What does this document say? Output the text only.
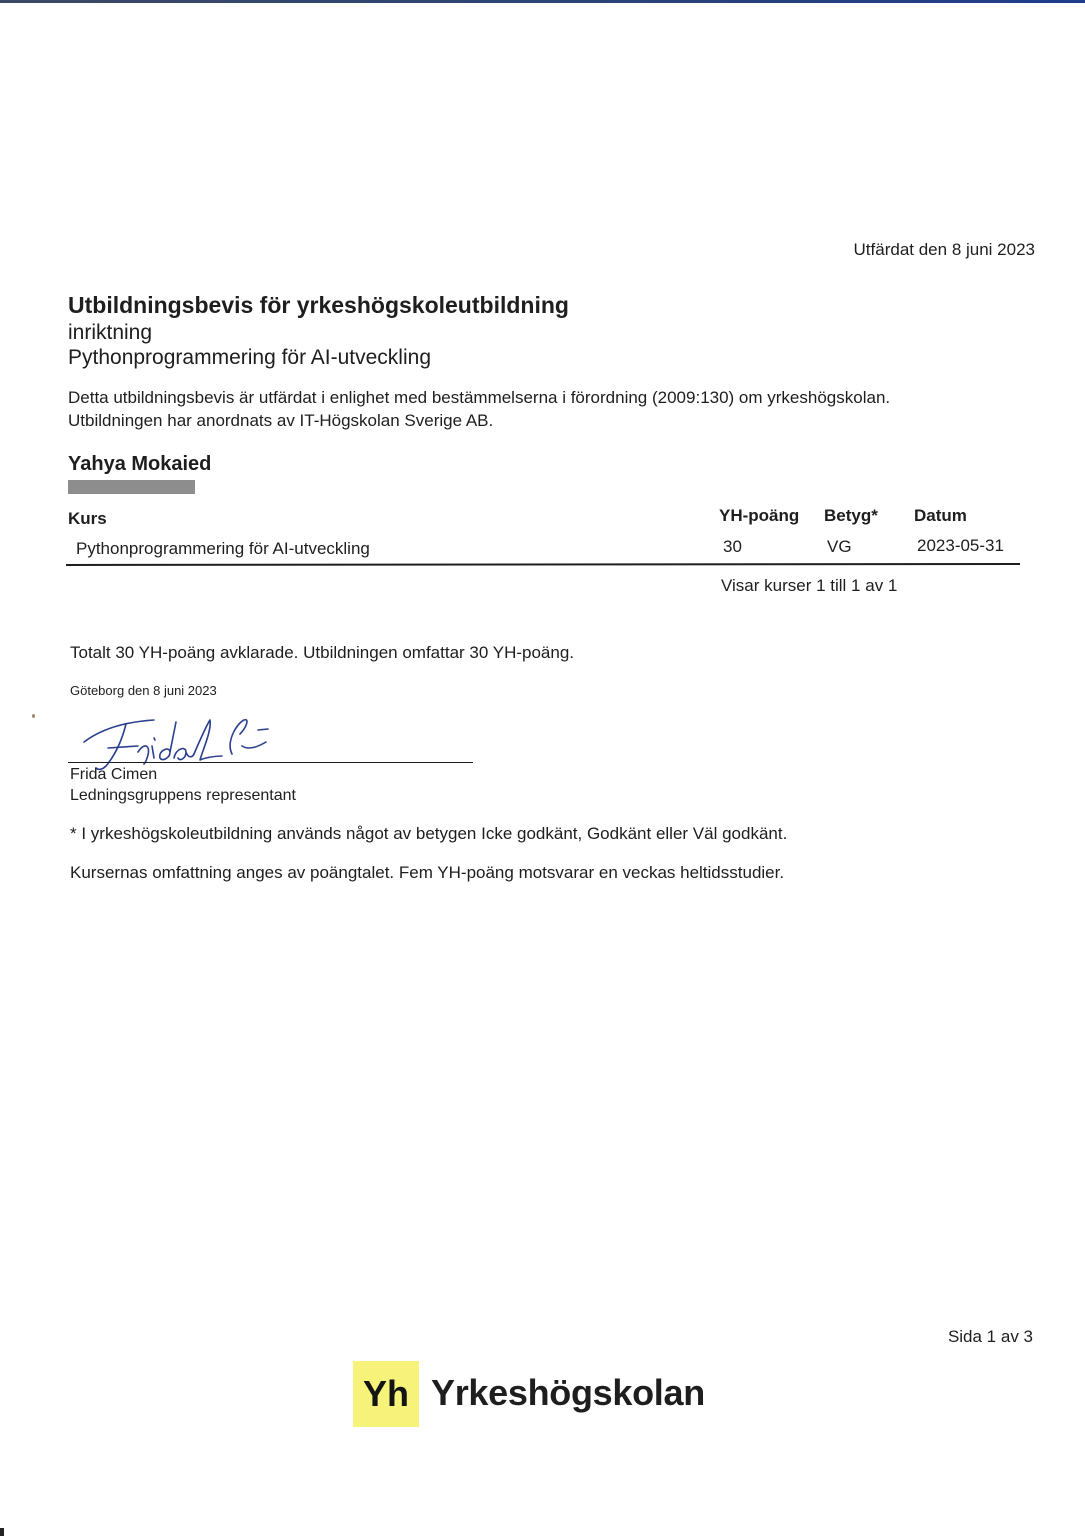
Utfärdat den 8 juni 2023
Utbildningsbevis för yrkeshögskoleutbildning
inriktning
Pythonprogrammering för AI-utveckling
Detta utbildningsbevis är utfärdat i enlighet med bestämmelserna i förordning (2009:130) om yrkeshögskolan.
Utbildningen har anordnats av IT-Högskolan Sverige AB.
Yahya Mokaied
Kurs	YH-poäng Betyg* Datum
Pythonprogrammering för AI-utveckling	30	VG	2023-05-31
Visar kurser 1 till 1 av 1
Totalt 30 YH-poäng avklarade. Utbildningen omfattar 30 YH-poäng.
Göteborg den 8 juni 2023
Frida Cimen
Ledningsgruppens representant
* I yrkeshögskoleutbildning används något av betygen Icke godkänt, Godkänt eller Väl godkänt.
Kursernas omfattning anges av poängtalet. Fem YH-poäng motsvarar en veckas heltidsstudier.
Sida 1 av 3
Yh Yrkeshögskolan
